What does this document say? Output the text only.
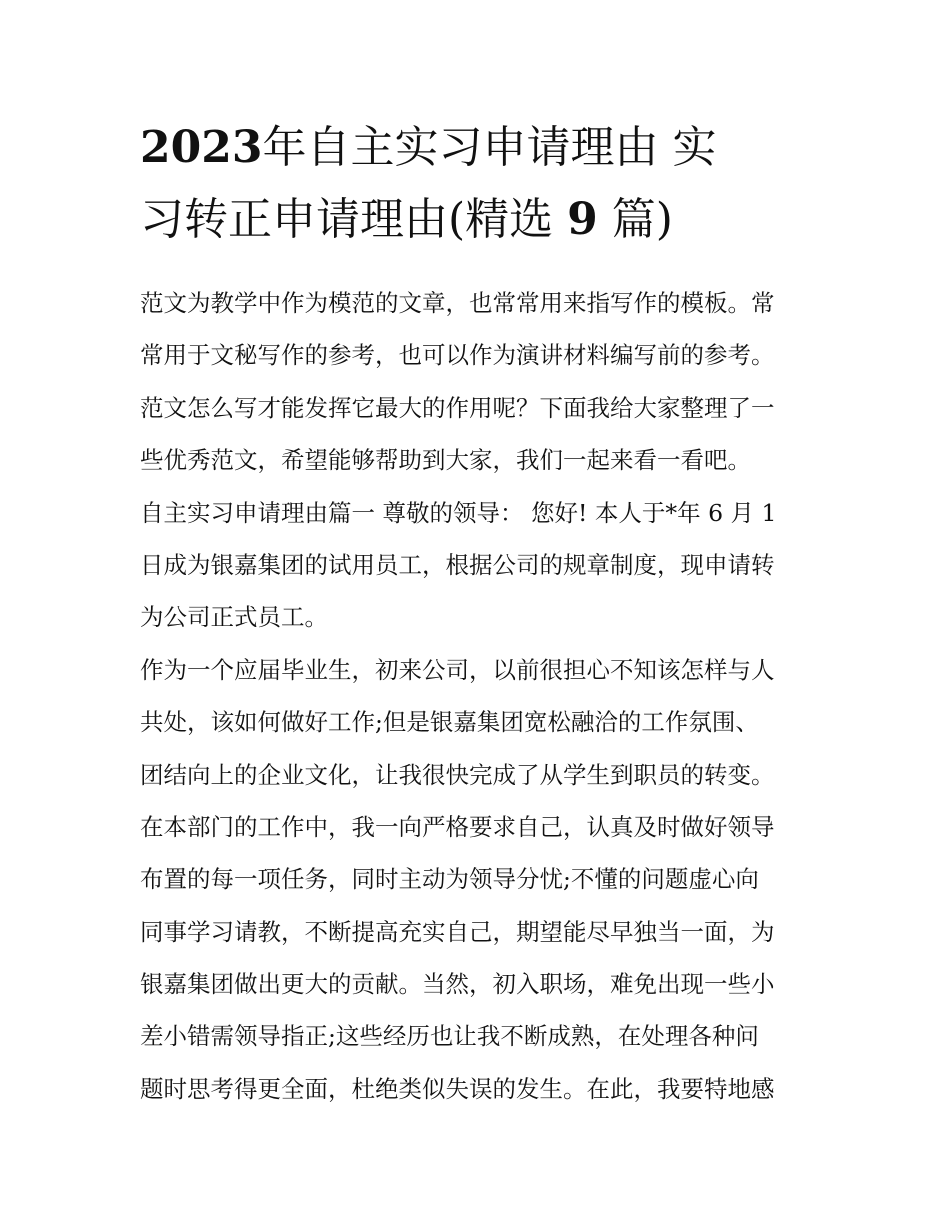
2023年自主实习申请理由 实
习转正申请理由(精选 9 篇)
范文为教学中作为模范的文章，也常常用来指写作的模板。常
常用于文秘写作的参考，也可以作为演讲材料编写前的参考。
范文怎么写才能发挥它最大的作用呢？下面我给大家整理了一
些优秀范文，希望能够帮助到大家，我们一起来看一看吧。
自主实习申请理由篇一 尊敬的领导： 您好! 本人于*年 6 月 1
日成为银嘉集团的试用员工，根据公司的规章制度，现申请转
为公司正式员工。
作为一个应届毕业生，初来公司，以前很担心不知该怎样与人
共处，该如何做好工作;但是银嘉集团宽松融洽的工作氛围、
团结向上的企业文化，让我很快完成了从学生到职员的转变。
在本部门的工作中，我一向严格要求自己，认真及时做好领导
布置的每一项任务，同时主动为领导分忧;不懂的问题虚心向
同事学习请教，不断提高充实自己，期望能尽早独当一面，为
银嘉集团做出更大的贡献。当然，初入职场，难免出现一些小
差小错需领导指正;这些经历也让我不断成熟，在处理各种问
题时思考得更全面，杜绝类似失误的发生。在此，我要特地感
